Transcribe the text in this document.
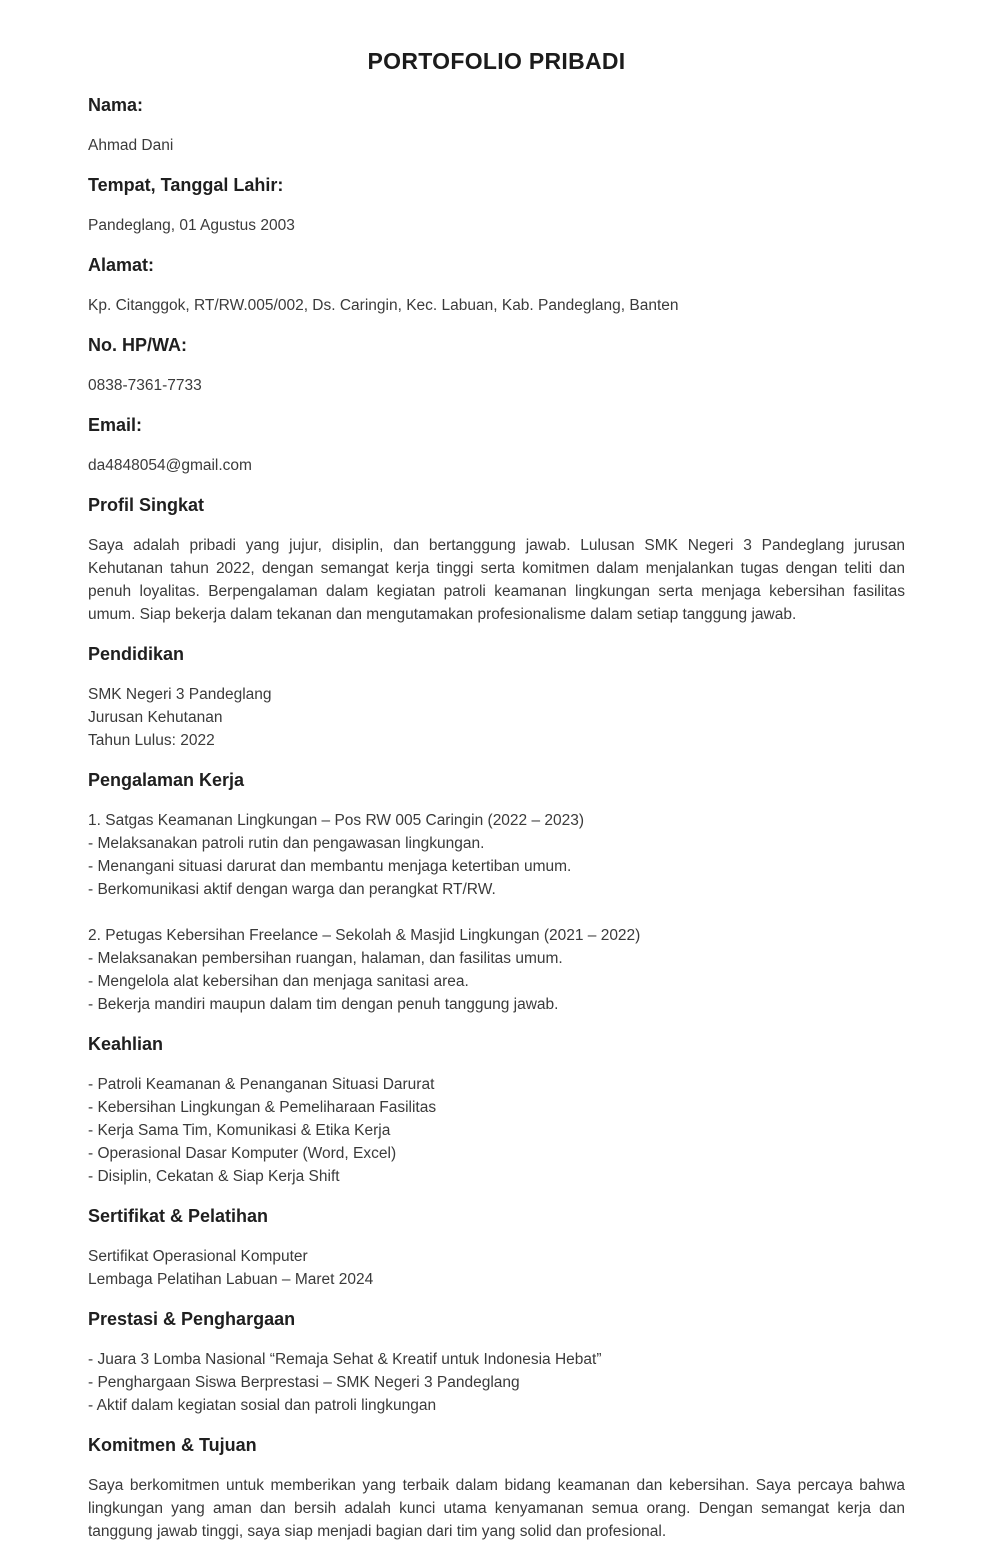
PORTOFOLIO PRIBADI
Nama:

Ahmad Dani

Tempat, Tanggal Lahir:

Pandeglang, 01 Agustus 2003

Alamat:

Kp. Citanggok, RT/RW.005/002, Ds. Caringin, Kec. Labuan, Kab. Pandeglang, Banten

No. HP/WA:

0838-7361-7733

Email:

da4848054@gmail.com

Profil Singkat

Saya adalah pribadi yang jujur, disiplin, dan bertanggung jawab. Lulusan SMK Negeri 3 Pandeglang jurusan Kehutanan tahun 2022, dengan semangat kerja tinggi serta komitmen dalam menjalankan tugas dengan teliti dan penuh loyalitas. Berpengalaman dalam kegiatan patroli keamanan lingkungan serta menjaga kebersihan fasilitas umum. Siap bekerja dalam tekanan dan mengutamakan profesionalisme dalam setiap tanggung jawab.

Pendidikan

SMK Negeri 3 Pandeglang

Jurusan Kehutanan

Tahun Lulus: 2022

Pengalaman Kerja

1. Satgas Keamanan Lingkungan – Pos RW 005 Caringin (2022 – 2023)

- Melaksanakan patroli rutin dan pengawasan lingkungan.

- Menangani situasi darurat dan membantu menjaga ketertiban umum.

- Berkomunikasi aktif dengan warga dan perangkat RT/RW.

2. Petugas Kebersihan Freelance – Sekolah & Masjid Lingkungan (2021 – 2022)

- Melaksanakan pembersihan ruangan, halaman, dan fasilitas umum.

- Mengelola alat kebersihan dan menjaga sanitasi area.

- Bekerja mandiri maupun dalam tim dengan penuh tanggung jawab.

Keahlian

- Patroli Keamanan & Penanganan Situasi Darurat

- Kebersihan Lingkungan & Pemeliharaan Fasilitas

- Kerja Sama Tim, Komunikasi & Etika Kerja

- Operasional Dasar Komputer (Word, Excel)

- Disiplin, Cekatan & Siap Kerja Shift

Sertifikat & Pelatihan

Sertifikat Operasional Komputer

Lembaga Pelatihan Labuan – Maret 2024

Prestasi & Penghargaan

- Juara 3 Lomba Nasional “Remaja Sehat & Kreatif untuk Indonesia Hebat”

- Penghargaan Siswa Berprestasi – SMK Negeri 3 Pandeglang

- Aktif dalam kegiatan sosial dan patroli lingkungan

Komitmen & Tujuan

Saya berkomitmen untuk memberikan yang terbaik dalam bidang keamanan dan kebersihan. Saya percaya bahwa lingkungan yang aman dan bersih adalah kunci utama kenyamanan semua orang. Dengan semangat kerja dan tanggung jawab tinggi, saya siap menjadi bagian dari tim yang solid dan profesional.
